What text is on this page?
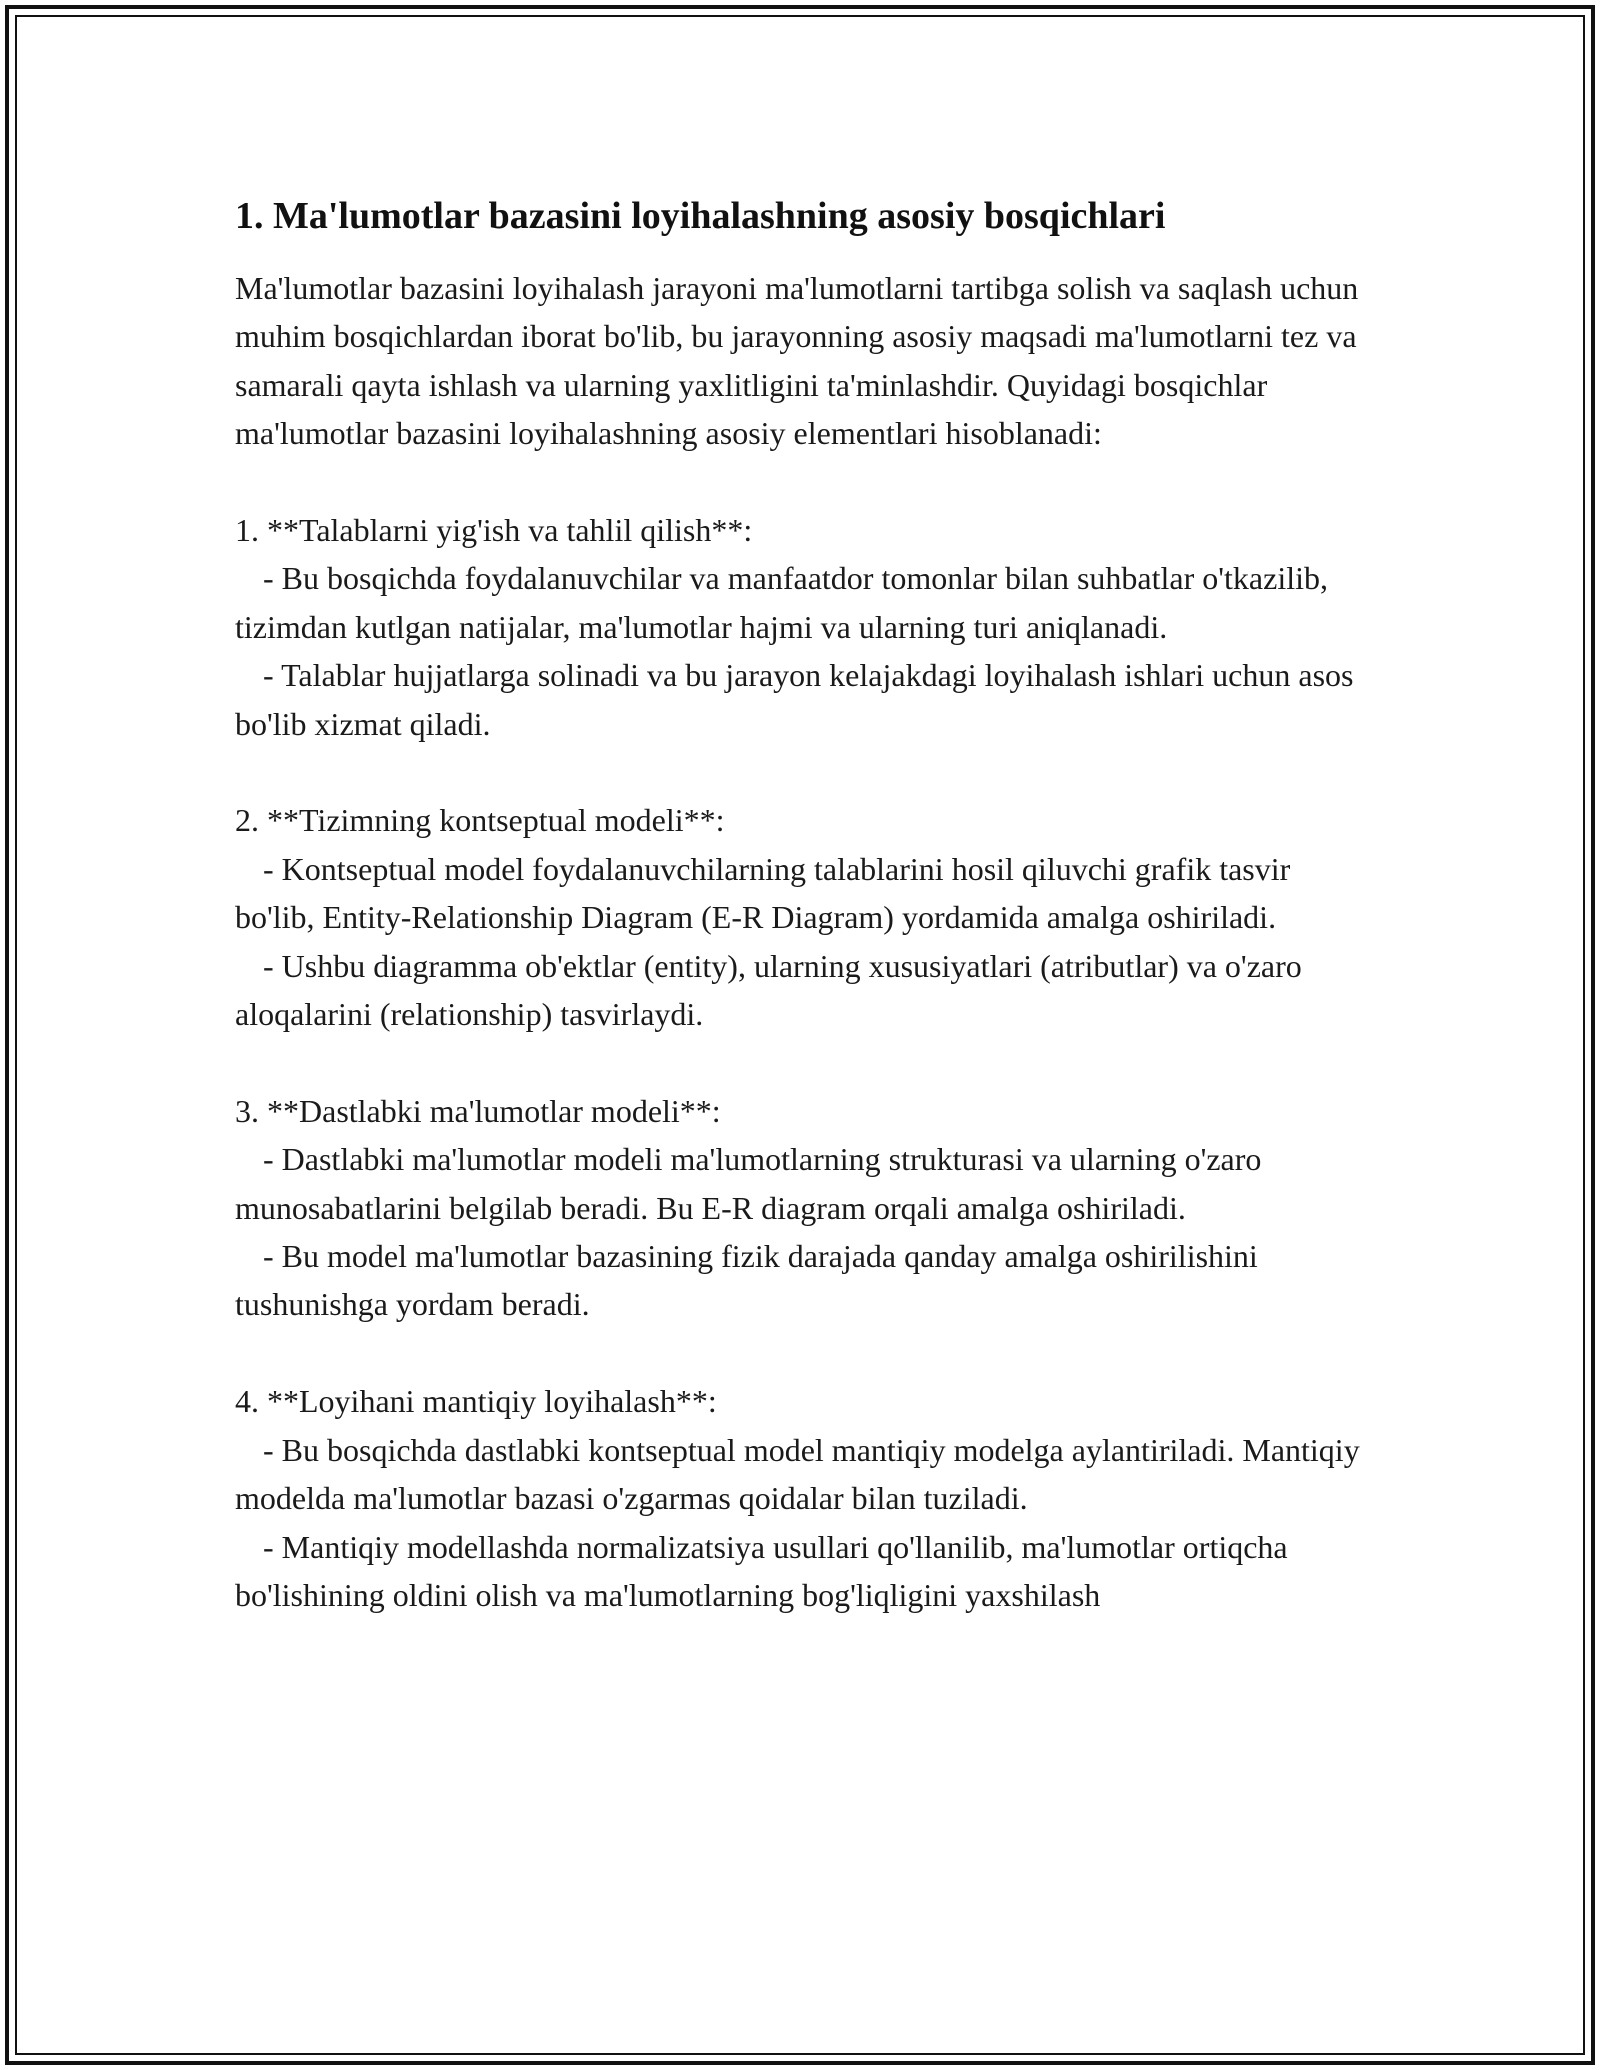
1. Ma'lumotlar bazasini loyihalashning asosiy bosqichlari

Ma'lumotlar bazasini loyihalash jarayoni ma'lumotlarni tartibga solish va saqlash uchun muhim bosqichlardan iborat bo'lib, bu jarayonning asosiy maqsadi ma'lumotlarni tez va samarali qayta ishlash va ularning yaxlitligini ta'minlashdir. Quyidagi bosqichlar ma'lumotlar bazasini loyihalashning asosiy elementlari hisoblanadi:

1. **Talablarni yig'ish va tahlil qilish**:

- Bu bosqichda foydalanuvchilar va manfaatdor tomonlar bilan suhbatlar o'tkazilib, tizimdan kutlgan natijalar, ma'lumotlar hajmi va ularning turi aniqlanadi.

- Talablar hujjatlarga solinadi va bu jarayon kelajakdagi loyihalash ishlari uchun asos bo'lib xizmat qiladi.

2. **Tizimning kontseptual modeli**:

- Kontseptual model foydalanuvchilarning talablarini hosil qiluvchi grafik tasvir bo'lib, Entity-Relationship Diagram (E-R Diagram) yordamida amalga oshiriladi.

- Ushbu diagramma ob'ektlar (entity), ularning xususiyatlari (atributlar) va o'zaro aloqalarini (relationship) tasvirlaydi.

3. **Dastlabki ma'lumotlar modeli**:

- Dastlabki ma'lumotlar modeli ma'lumotlarning strukturasi va ularning o'zaro munosabatlarini belgilab beradi. Bu E-R diagram orqali amalga oshiriladi.

- Bu model ma'lumotlar bazasining fizik darajada qanday amalga oshirilishini tushunishga yordam beradi.

4. **Loyihani mantiqiy loyihalash**:

- Bu bosqichda dastlabki kontseptual model mantiqiy modelga aylantiriladi. Mantiqiy modelda ma'lumotlar bazasi o'zgarmas qoidalar bilan tuziladi.

- Mantiqiy modellashda normalizatsiya usullari qo'llanilib, ma'lumotlar ortiqcha bo'lishining oldini olish va ma'lumotlarning bog'liqligini yaxshilash
